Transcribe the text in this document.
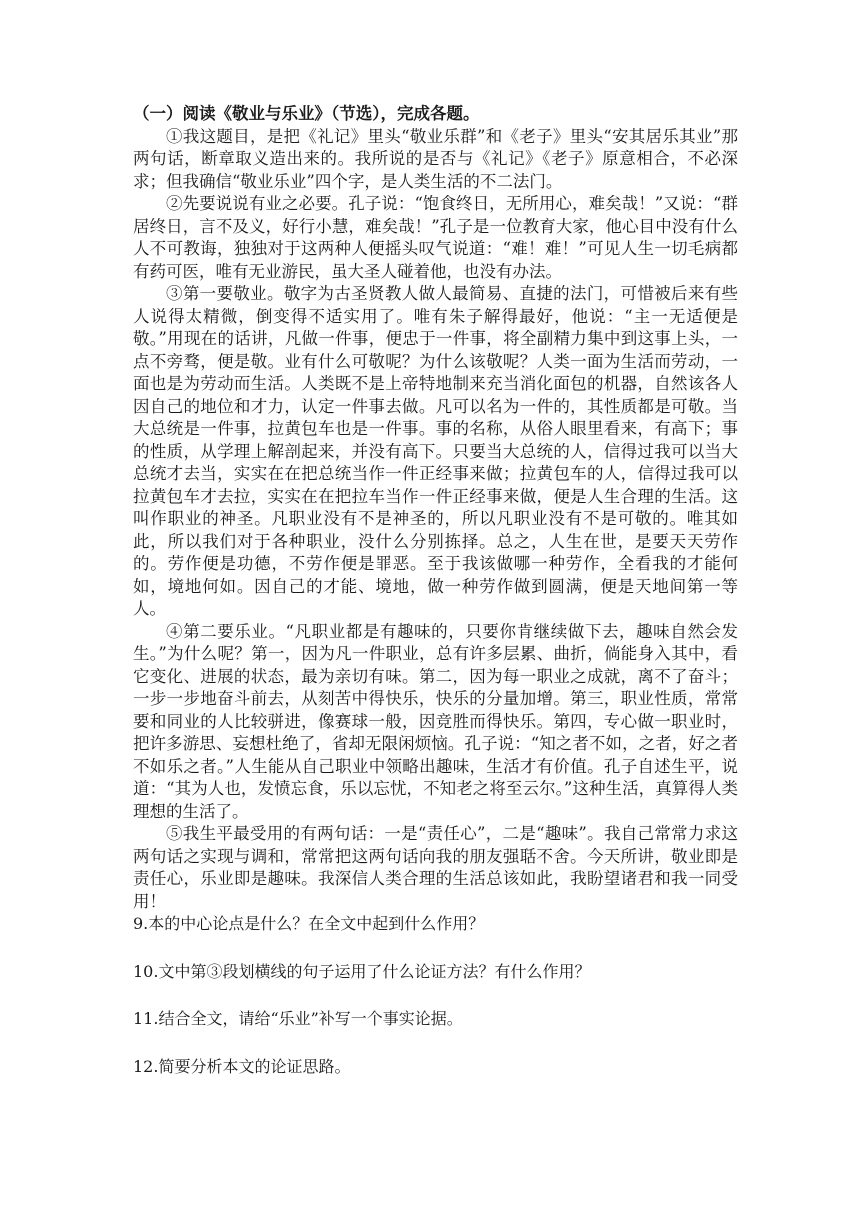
（一）阅读《敬业与乐业》（节选），完成各题。

①我这题目，是把《礼记》里头“敬业乐群”和《老子》里头“安其居乐其业”那两句话，断章取义造出来的。我所说的是否与《礼记》《老子》原意相合，不必深求；但我确信“敬业乐业”四个字，是人类生活的不二法门。

②先要说说有业之必要。孔子说：“饱食终日，无所用心，难矣哉！”又说：“群居终日，言不及义，好行小慧，难矣哉！”孔子是一位教育大家，他心目中没有什么人不可教诲，独独对于这两种人便摇头叹气说道：“难！难！”可见人生一切毛病都有药可医，唯有无业游民，虽大圣人碰着他，也没有办法。

③第一要敬业。敬字为古圣贤教人做人最简易、直捷的法门，可惜被后来有些人说得太精微，倒变得不适实用了。唯有朱子解得最好，他说：“主一无适便是敬。”用现在的话讲，凡做一件事，便忠于一件事，将全副精力集中到这事上头，一点不旁骛，便是敬。业有什么可敬呢？为什么该敬呢？人类一面为生活而劳动，一面也是为劳动而生活。人类既不是上帝特地制来充当消化面包的机器，自然该各人因自己的地位和才力，认定一件事去做。凡可以名为一件的，其性质都是可敬。当大总统是一件事，拉黄包车也是一件事。事的名称，从俗人眼里看来，有高下；事的性质，从学理上解剖起来，并没有高下。只要当大总统的人，信得过我可以当大总统才去当，实实在在把总统当作一件正经事来做；拉黄包车的人，信得过我可以拉黄包车才去拉，实实在在把拉车当作一件正经事来做，便是人生合理的生活。这叫作职业的神圣。凡职业没有不是神圣的，所以凡职业没有不是可敬的。唯其如此，所以我们对于各种职业，没什么分别拣择。总之，人生在世，是要天天劳作的。劳作便是功德，不劳作便是罪恶。至于我该做哪一种劳作，全看我的才能何如，境地何如。因自己的才能、境地，做一种劳作做到圆满，便是天地间第一等人。

④第二要乐业。“凡职业都是有趣味的，只要你肯继续做下去，趣味自然会发生。”为什么呢？第一，因为凡一件职业，总有许多层累、曲折，倘能身入其中，看它变化、进展的状态，最为亲切有味。第二，因为每一职业之成就，离不了奋斗；一步一步地奋斗前去，从刻苦中得快乐，快乐的分量加增。第三，职业性质，常常要和同业的人比较骈进，像赛球一般，因竞胜而得快乐。第四，专心做一职业时，把许多游思、妄想杜绝了，省却无限闲烦恼。孔子说：“知之者不如，之者，好之者不如乐之者。”人生能从自己职业中领略出趣味，生活才有价值。孔子自述生平，说道：“其为人也，发愤忘食，乐以忘忧，不知老之将至云尔。”这种生活，真算得人类理想的生活了。

⑤我生平最受用的有两句话：一是“责任心”，二是“趣味”。我自己常常力求这两句话之实现与调和，常常把这两句话向我的朋友强聒不舍。今天所讲，敬业即是责任心，乐业即是趣味。我深信人类合理的生活总该如此，我盼望诸君和我一同受用！

9.本的中心论点是什么？在全文中起到什么作用？

10.文中第③段划横线的句子运用了什么论证方法？有什么作用？

11.结合全文，请给“乐业”补写一个事实论据。

12.简要分析本文的论证思路。
